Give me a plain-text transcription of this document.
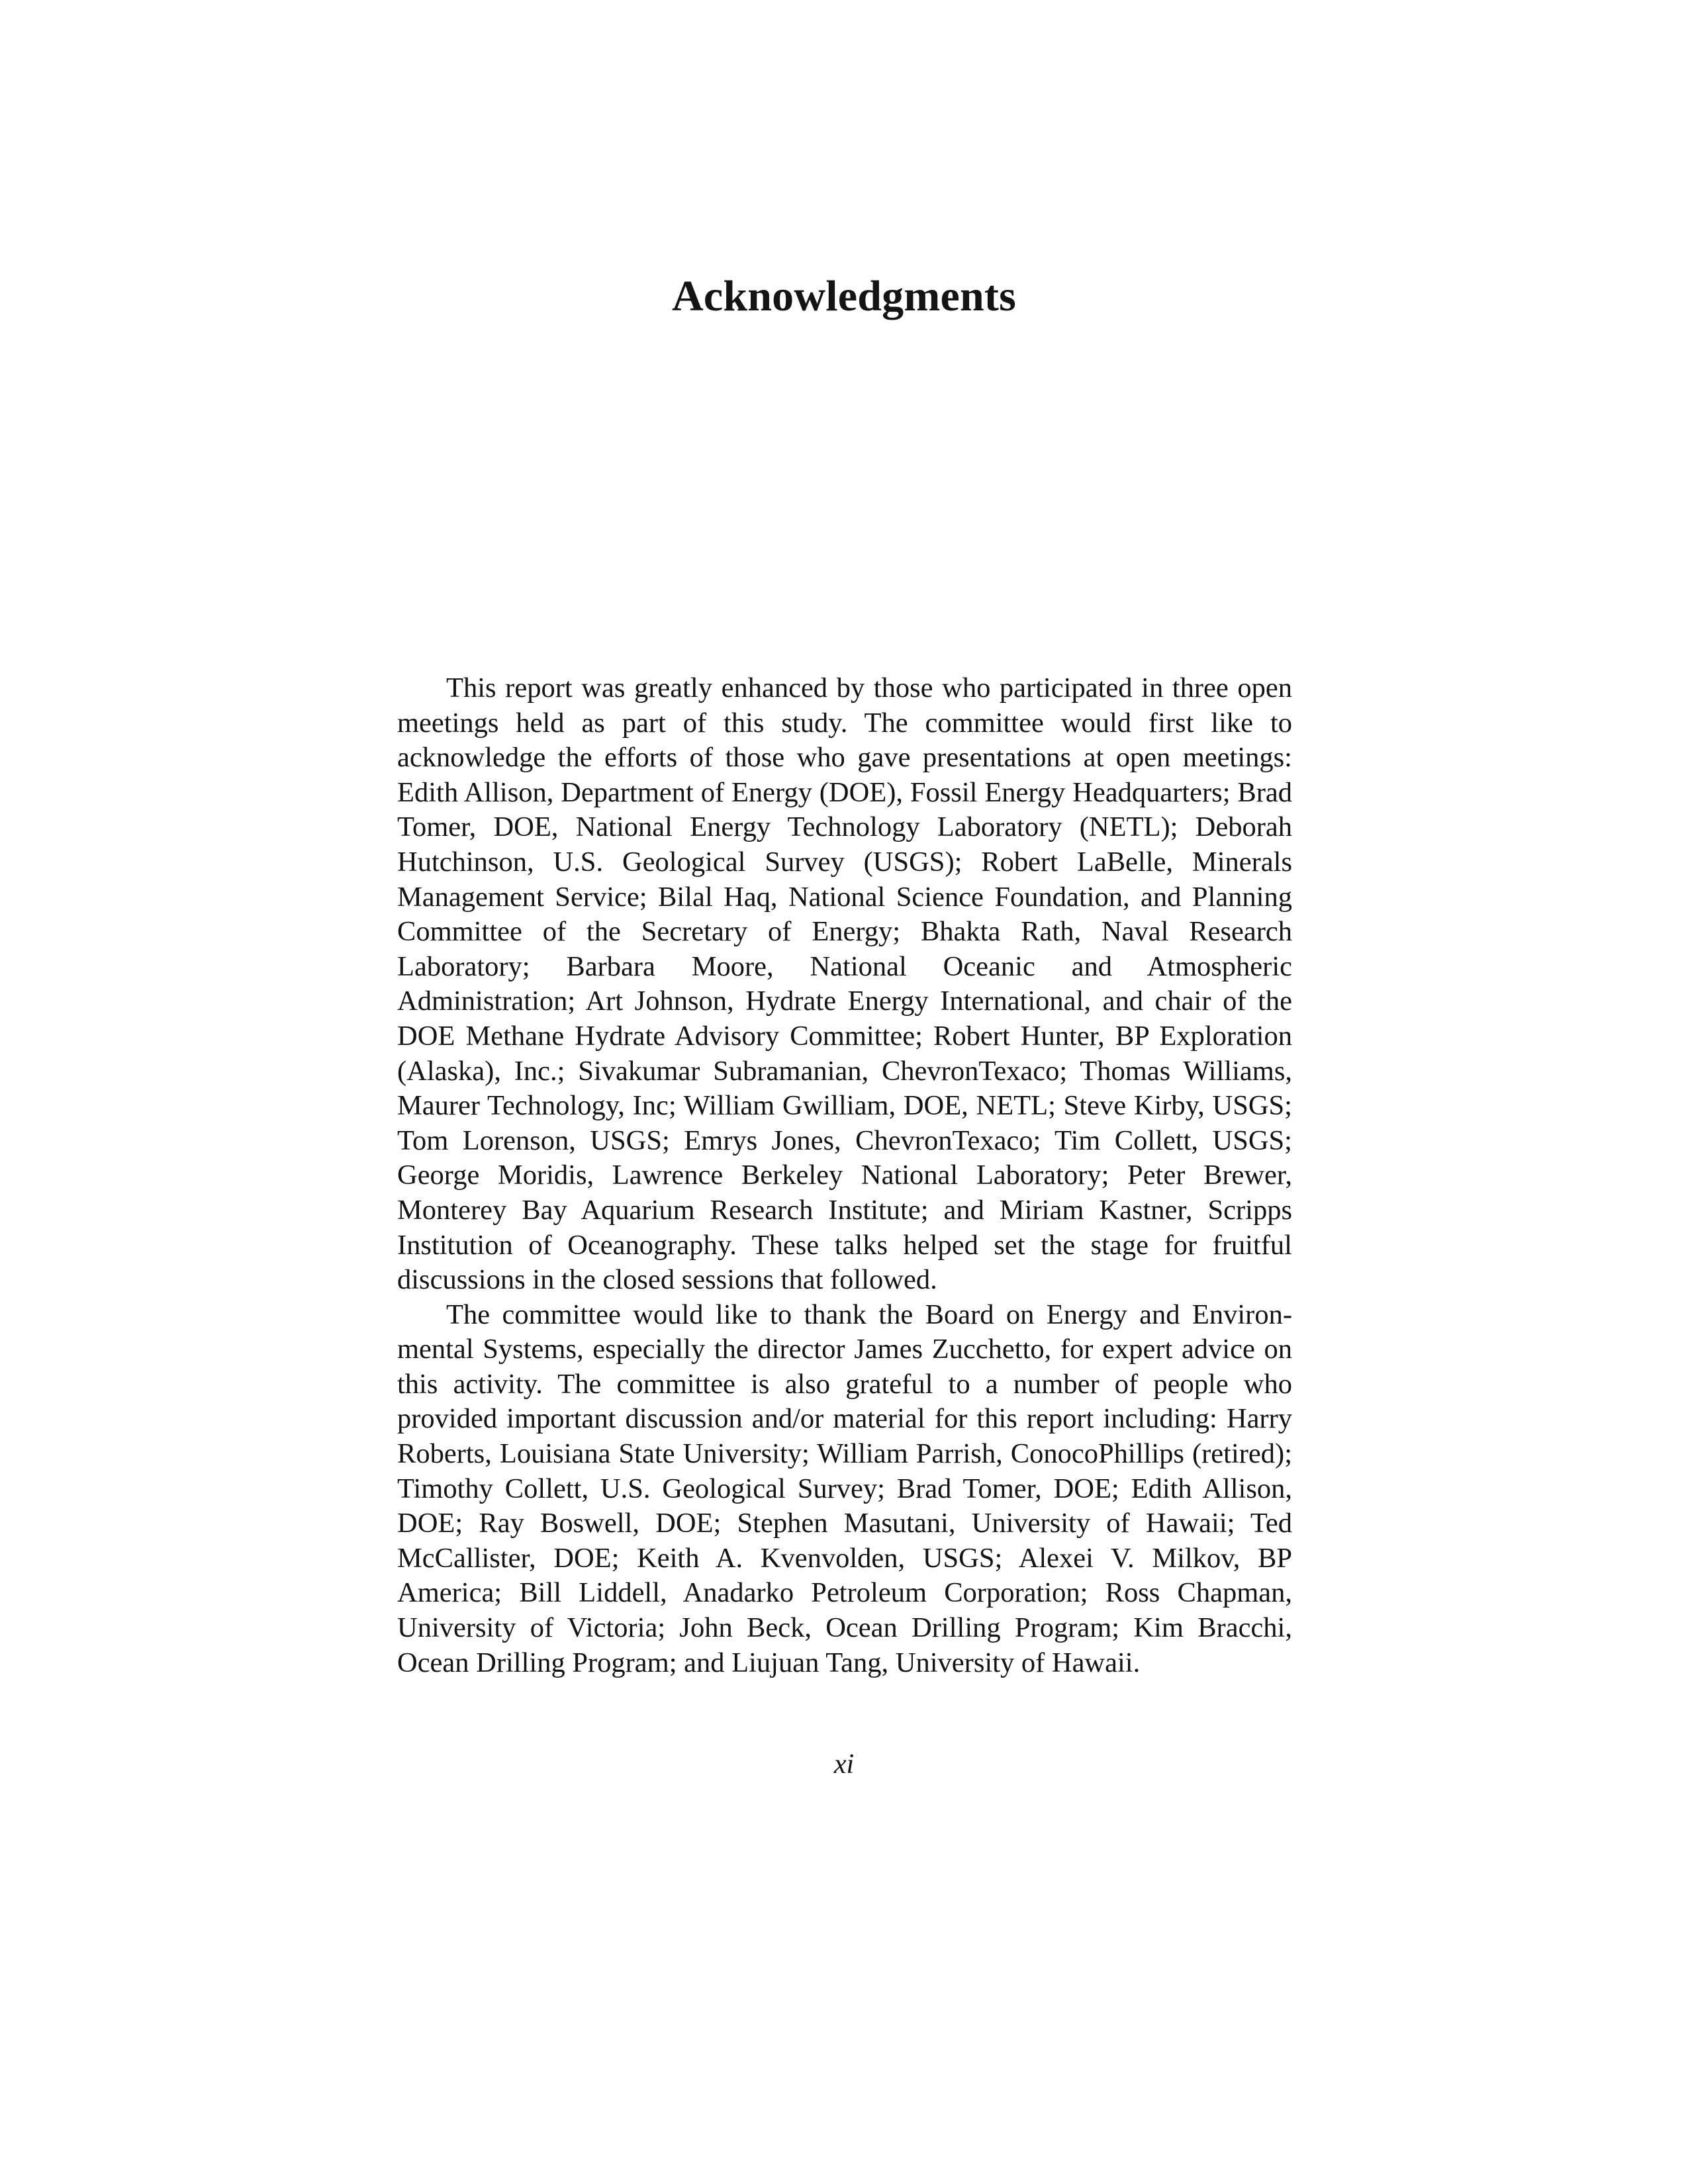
Acknowledgments

This report was greatly enhanced by those who participated in three open meetings held as part of this study. The committee would first like to acknowledge the efforts of those who gave presentations at open meetings: Edith Allison, Department of Energy (DOE), Fossil Energy Headquarters; Brad Tomer, DOE, National Energy Technology Laboratory (NETL); Deborah Hutchinson, U.S. Geological Survey (USGS); Robert LaBelle, Minerals Management Service; Bilal Haq, National Science Foundation, and Planning Committee of the Secretary of Energy; Bhakta Rath, Naval Research Laboratory; Barbara Moore, National Oceanic and Atmospheric Administration; Art Johnson, Hydrate Energy International, and chair of the DOE Methane Hydrate Advisory Committee; Robert Hunter, BP Exploration (Alaska), Inc.; Sivakumar Subramanian, ChevronTexaco; Thomas Williams, Maurer Technology, Inc; William Gwilliam, DOE, NETL; Steve Kirby, USGS; Tom Lorenson, USGS; Emrys Jones, ChevronTexaco; Tim Collett, USGS; George Moridis, Lawrence Berkeley National Laboratory; Peter Brewer, Monterey Bay Aquarium Research Institute; and Miriam Kastner, Scripps Institution of Oceanography. These talks helped set the stage for fruitful discussions in the closed sessions that followed.

The committee would like to thank the Board on Energy and Environmental Systems, especially the director James Zucchetto, for expert advice on this activity. The committee is also grateful to a number of people who provided important discussion and/or material for this report including: Harry Roberts, Louisiana State University; William Parrish, ConocoPhillips (retired); Timothy Collett, U.S. Geological Survey; Brad Tomer, DOE; Edith Allison, DOE; Ray Boswell, DOE; Stephen Masutani, University of Hawaii; Ted McCallister, DOE; Keith A. Kvenvolden, USGS; Alexei V. Milkov, BP America; Bill Liddell, Anadarko Petroleum Corporation; Ross Chapman, University of Victoria; John Beck, Ocean Drilling Program; Kim Bracchi, Ocean Drilling Program; and Liujuan Tang, University of Hawaii.

xi
